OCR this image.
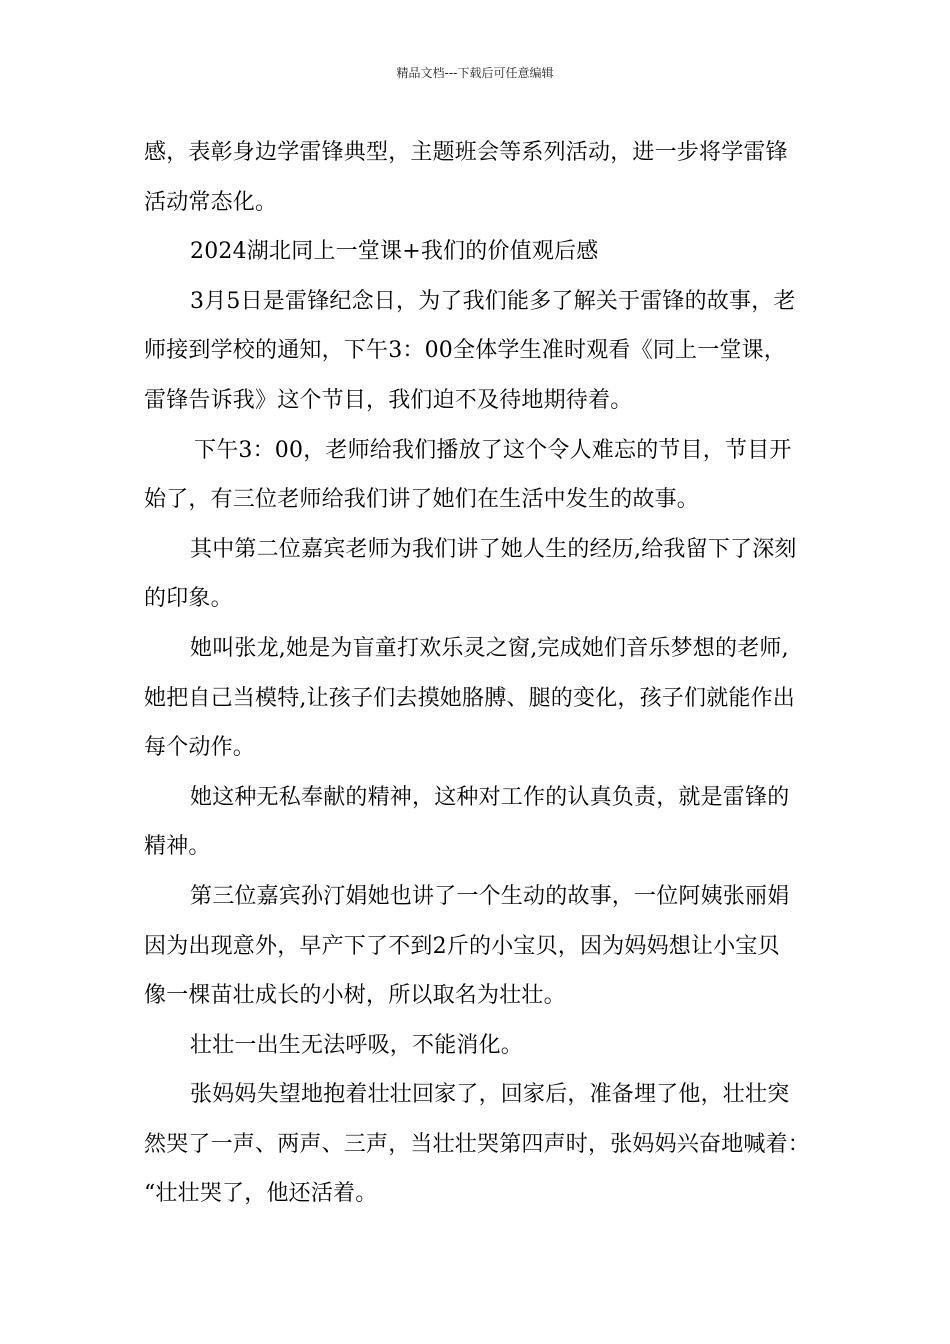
精品文档---下载后可任意编辑
感，表彰身边学雷锋典型，主题班会等系列活动，进一步将学雷锋
活动常态化。
2024湖北同上一堂课+我们的价值观后感
3月5日是雷锋纪念日，为了我们能多了解关于雷锋的故事，老
师接到学校的通知，下午3：00全体学生准时观看《同上一堂课，
雷锋告诉我》这个节目，我们迫不及待地期待着。
下午3：00，老师给我们播放了这个令人难忘的节目，节目开
始了，有三位老师给我们讲了她们在生活中发生的故事。
其中第二位嘉宾老师为我们讲了她人生的经历,给我留下了深刻
的印象。
她叫张龙,她是为盲童打欢乐灵之窗,完成她们音乐梦想的老师,
她把自己当模特,让孩子们去摸她胳膊、腿的变化，孩子们就能作出
每个动作。
她这种无私奉献的精神，这种对工作的认真负责，就是雷锋的
精神。
第三位嘉宾孙汀娟她也讲了一个生动的故事，一位阿姨张丽娟
因为出现意外，早产下了不到2斤的小宝贝，因为妈妈想让小宝贝
像一棵苗壮成长的小树，所以取名为壮壮。
壮壮一出生无法呼吸，不能消化。
张妈妈失望地抱着壮壮回家了，回家后，准备埋了他，壮壮突
然哭了一声、两声、三声，当壮壮哭第四声时，张妈妈兴奋地喊着：
“壮壮哭了，他还活着。
